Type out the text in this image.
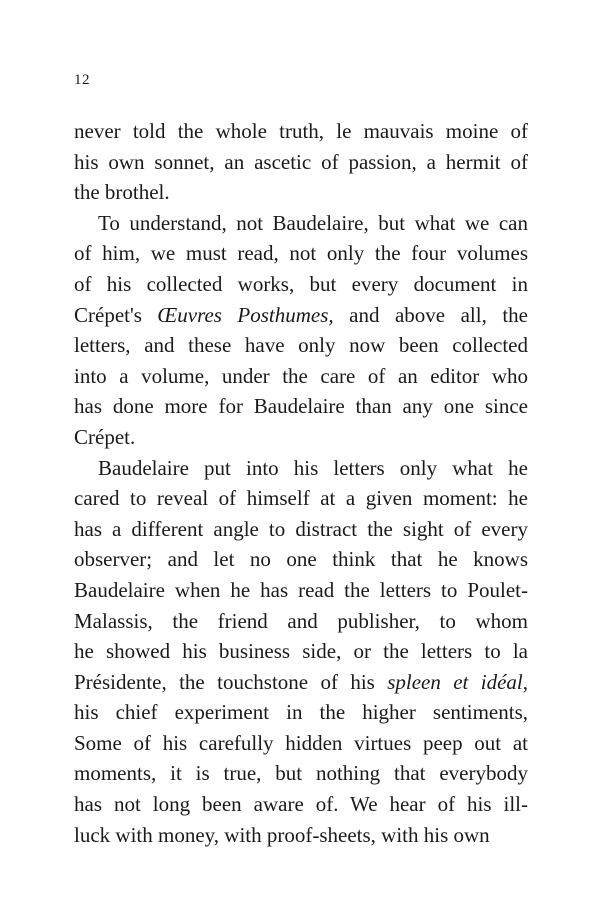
12

never told the whole truth, le mauvais moine of
his own sonnet, an ascetic of passion, a hermit of
the brothel.

To understand, not Baudelaire, but what we can
of him, we must read, not only the four volumes
of his collected works, but every document in
Crépet's Œuvres Posthumes, and above all, the
letters, and these have only now been collected
into a volume, under the care of an editor who
has done more for Baudelaire than any one since
Crépet.

Baudelaire put into his letters only what he
cared to reveal of himself at a given moment: he
has a different angle to distract the sight of every
observer; and let no one think that he knows
Baudelaire when he has read the letters to Poulet-
Malassis, the friend and publisher, to whom
he showed his business side, or the letters to la
Présidente, the touchstone of his spleen et idéal,
his chief experiment in the higher sentiments,
Some of his carefully hidden virtues peep out at
moments, it is true, but nothing that everybody
has not long been aware of. We hear of his ill-
luck with money, with proof-sheets, with his own
